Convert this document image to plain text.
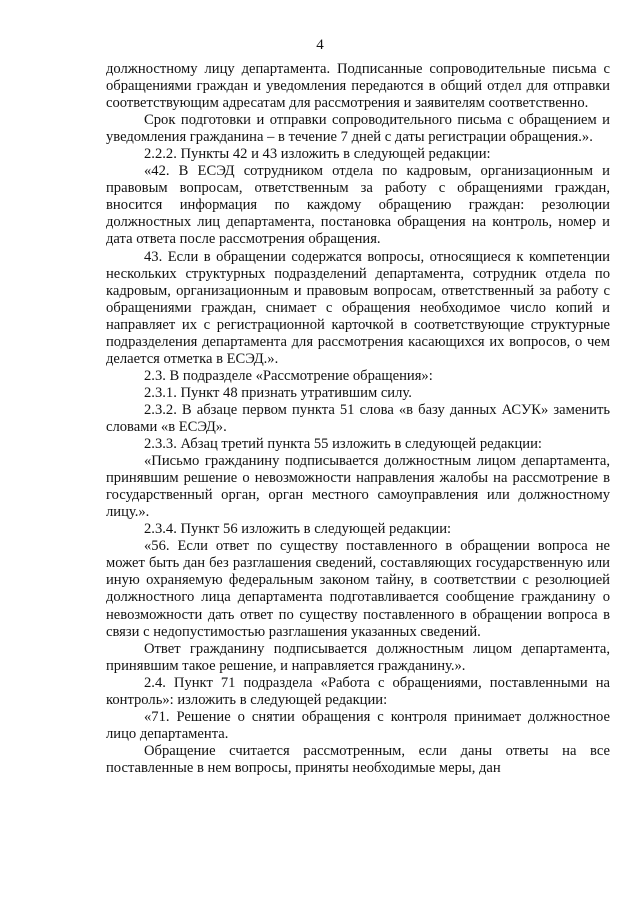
4

должностному лицу департамента. Подписанные сопроводительные письма с обращениями граждан и уведомления передаются в общий отдел для отправки соответствующим адресатам для рассмотрения и заявителям соответственно.

Срок подготовки и отправки сопроводительного письма с обращением и уведомления гражданина – в течение 7 дней с даты регистрации обращения.».

2.2.2. Пункты 42 и 43 изложить в следующей редакции:

«42. В ЕСЭД сотрудником отдела по кадровым, организационным и правовым вопросам, ответственным за работу с обращениями граждан, вносится информация по каждому обращению граждан: резолюции должностных лиц департамента, постановка обращения на контроль, номер и дата ответа после рассмотрения обращения.

43. Если в обращении содержатся вопросы, относящиеся к компетенции нескольких структурных подразделений департамента, сотрудник отдела по кадровым, организационным и правовым вопросам, ответственный за работу с обращениями граждан, снимает с обращения необходимое число копий и направляет их с регистрационной карточкой в соответствующие структурные подразделения департамента для рассмотрения касающихся их вопросов, о чем делается отметка в ЕСЭД.».

2.3. В подразделе «Рассмотрение обращения»:

2.3.1. Пункт 48 признать утратившим силу.

2.3.2. В абзаце первом пункта 51 слова «в базу данных АСУК» заменить словами «в ЕСЭД».

2.3.3. Абзац третий пункта 55 изложить в следующей редакции:

«Письмо гражданину подписывается должностным лицом департамента, принявшим решение о невозможности направления жалобы на рассмотрение в государственный орган, орган местного самоуправления или должностному лицу.».

2.3.4. Пункт 56 изложить в следующей редакции:

«56. Если ответ по существу поставленного в обращении вопроса не может быть дан без разглашения сведений, составляющих государственную или иную охраняемую федеральным законом тайну, в соответствии с резолюцией должностного лица департамента подготавливается сообщение гражданину о невозможности дать ответ по существу поставленного в обращении вопроса в связи с недопустимостью разглашения указанных сведений.

Ответ гражданину подписывается должностным лицом департамента, принявшим такое решение, и направляется гражданину.».

2.4. Пункт 71 подраздела «Работа с обращениями, поставленными на контроль»: изложить в следующей редакции:

«71. Решение о снятии обращения с контроля принимает должностное лицо департамента.

Обращение считается рассмотренным, если даны ответы на все поставленные в нем вопросы, приняты необходимые меры, дан
